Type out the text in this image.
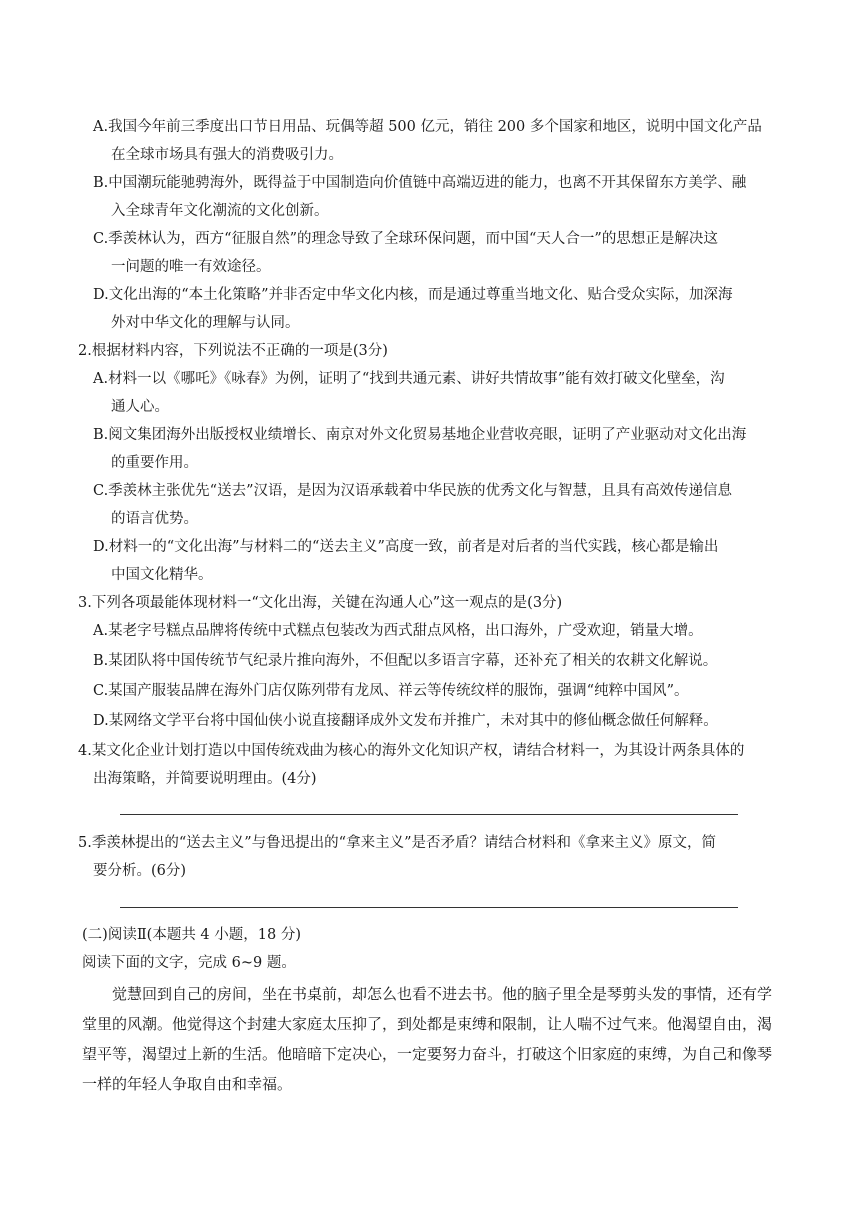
A.我国今年前三季度出口节日用品、玩偶等超 500 亿元，销往 200 多个国家和地区，说明中国文化产品
在全球市场具有强大的消费吸引力。
B.中国潮玩能驰骋海外，既得益于中国制造向价值链中高端迈进的能力，也离不开其保留东方美学、融
入全球青年文化潮流的文化创新。
C.季羡林认为，西方“征服自然”的理念导致了全球环保问题，而中国“天人合一”的思想正是解决这
一问题的唯一有效途径。
D.文化出海的“本土化策略”并非否定中华文化内核，而是通过尊重当地文化、贴合受众实际，加深海
外对中华文化的理解与认同。
2.根据材料内容，下列说法不正确的一项是(3分)
A.材料一以《哪吒》《咏春》为例，证明了“找到共通元素、讲好共情故事”能有效打破文化壁垒，沟
通人心。
B.阅文集团海外出版授权业绩增长、南京对外文化贸易基地企业营收亮眼，证明了产业驱动对文化出海
的重要作用。
C.季羡林主张优先“送去”汉语，是因为汉语承载着中华民族的优秀文化与智慧，且具有高效传递信息
的语言优势。
D.材料一的“文化出海”与材料二的“送去主义”高度一致，前者是对后者的当代实践，核心都是输出
中国文化精华。
3.下列各项最能体现材料一“文化出海，关键在沟通人心”这一观点的是(3分)
A.某老字号糕点品牌将传统中式糕点包装改为西式甜点风格，出口海外，广受欢迎，销量大增。
B.某团队将中国传统节气纪录片推向海外，不但配以多语言字幕，还补充了相关的农耕文化解说。
C.某国产服装品牌在海外门店仅陈列带有龙凤、祥云等传统纹样的服饰，强调“纯粹中国风”。
D.某网络文学平台将中国仙侠小说直接翻译成外文发布并推广，未对其中的修仙概念做任何解释。
4.某文化企业计划打造以中国传统戏曲为核心的海外文化知识产权，请结合材料一，为其设计两条具体的
出海策略，并简要说明理由。(4分)
5.季羡林提出的“送去主义”与鲁迅提出的“拿来主义”是否矛盾？请结合材料和《拿来主义》原文，简
要分析。(6分)
(二)阅读Ⅱ(本题共 4 小题，18 分)
阅读下面的文字，完成 6~9 题。
觉慧回到自己的房间，坐在书桌前，却怎么也看不进去书。他的脑子里全是琴剪头发的事情，还有学
堂里的风潮。他觉得这个封建大家庭太压抑了，到处都是束缚和限制，让人喘不过气来。他渴望自由，渴
望平等，渴望过上新的生活。他暗暗下定决心，一定要努力奋斗，打破这个旧家庭的束缚，为自己和像琴
一样的年轻人争取自由和幸福。
